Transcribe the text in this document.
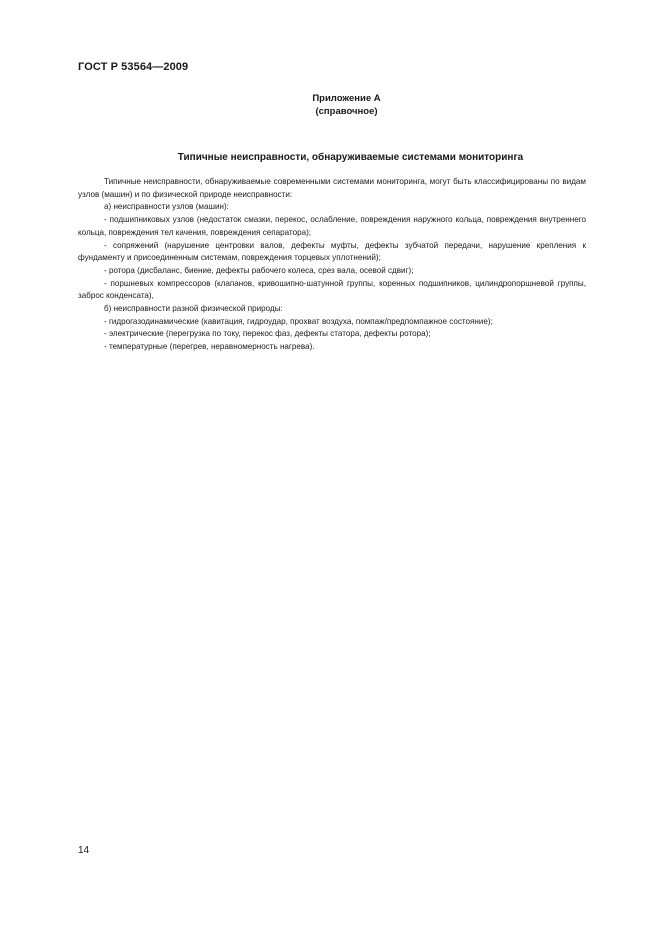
ГОСТ Р 53564—2009
Приложение А
(справочное)
Типичные неисправности, обнаруживаемые системами мониторинга

Типичные неисправности, обнаруживаемые современными системами мониторинга, могут быть классифицированы по видам узлов (машин) и по физической природе неисправности:

а) неисправности узлов (машин):

- подшипниковых узлов (недостаток смазки, перекос, ослабление, повреждения наружного кольца, повреждения внутреннего кольца, повреждения тел качения, повреждения сепаратора);

- сопряжений (нарушение центровки валов, дефекты муфты, дефекты зубчатой передачи, нарушение крепления к фундаменту и присоединенным системам, повреждения торцевых уплотнений);

- ротора (дисбаланс, биение, дефекты рабочего колеса, срез вала, осевой сдвиг);

- поршневых компрессоров (клапанов, кривошипно-шатунной группы, коренных подшипников, цилиндропоршневой группы, заброс конденсата),

б) неисправности разной физической природы:

- гидрогазодинамические (кавитация, гидроудар, прохват воздуха, помпаж/предпомпажное состояние);

- электрические (перегрузка по току, перекос фаз, дефекты статора, дефекты ротора);

- температурные (перегрев, неравномерность нагрева).

14
